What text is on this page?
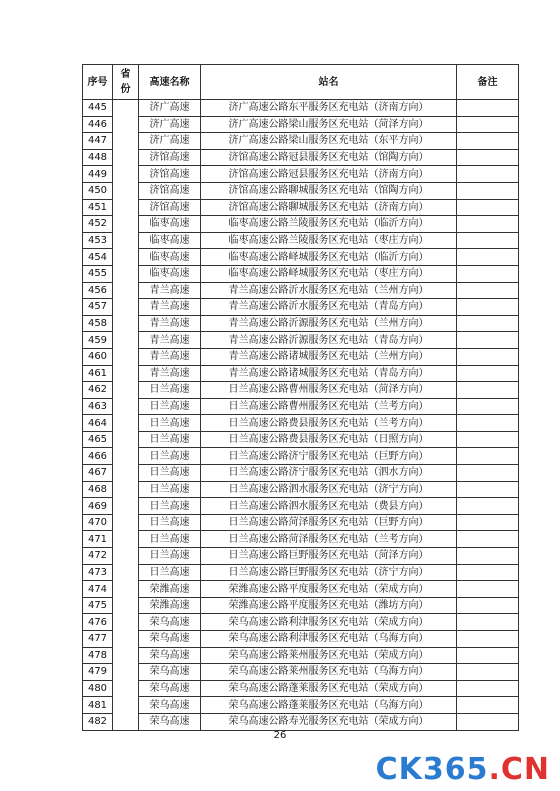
序号	省份	高速名称	站名	备注
445		济广高速	济广高速公路东平服务区充电站（济南方向）	
446		济广高速	济广高速公路梁山服务区充电站（菏泽方向）	
447		济广高速	济广高速公路梁山服务区充电站（东平方向）	
448		济馆高速	济馆高速公路冠县服务区充电站（馆陶方向）	
449		济馆高速	济馆高速公路冠县服务区充电站（济南方向）	
450		济馆高速	济馆高速公路聊城服务区充电站（馆陶方向）	
451		济馆高速	济馆高速公路聊城服务区充电站（济南方向）	
452		临枣高速	临枣高速公路兰陵服务区充电站（临沂方向）	
453		临枣高速	临枣高速公路兰陵服务区充电站（枣庄方向）	
454		临枣高速	临枣高速公路峄城服务区充电站（临沂方向）	
455		临枣高速	临枣高速公路峄城服务区充电站（枣庄方向）	
456		青兰高速	青兰高速公路沂水服务区充电站（兰州方向）	
457		青兰高速	青兰高速公路沂水服务区充电站（青岛方向）	
458		青兰高速	青兰高速公路沂源服务区充电站（兰州方向）	
459		青兰高速	青兰高速公路沂源服务区充电站（青岛方向）	
460		青兰高速	青兰高速公路诸城服务区充电站（兰州方向）	
461		青兰高速	青兰高速公路诸城服务区充电站（青岛方向）	
462		日兰高速	日兰高速公路曹州服务区充电站（菏泽方向）	
463		日兰高速	日兰高速公路曹州服务区充电站（兰考方向）	
464		日兰高速	日兰高速公路费县服务区充电站（兰考方向）	
465		日兰高速	日兰高速公路费县服务区充电站（日照方向）	
466		日兰高速	日兰高速公路济宁服务区充电站（巨野方向）	
467		日兰高速	日兰高速公路济宁服务区充电站（泗水方向）	
468		日兰高速	日兰高速公路泗水服务区充电站（济宁方向）	
469		日兰高速	日兰高速公路泗水服务区充电站（费县方向）	
470		日兰高速	日兰高速公路菏泽服务区充电站（巨野方向）	
471		日兰高速	日兰高速公路菏泽服务区充电站（兰考方向）	
472		日兰高速	日兰高速公路巨野服务区充电站（菏泽方向）	
473		日兰高速	日兰高速公路巨野服务区充电站（济宁方向）	
474		荣潍高速	荣潍高速公路平度服务区充电站（荣成方向）	
475		荣潍高速	荣潍高速公路平度服务区充电站（潍坊方向）	
476		荣乌高速	荣乌高速公路利津服务区充电站（荣成方向）	
477		荣乌高速	荣乌高速公路利津服务区充电站（乌海方向）	
478		荣乌高速	荣乌高速公路莱州服务区充电站（荣成方向）	
479		荣乌高速	荣乌高速公路莱州服务区充电站（乌海方向）	
480		荣乌高速	荣乌高速公路蓬莱服务区充电站（荣成方向）	
481		荣乌高速	荣乌高速公路蓬莱服务区充电站（乌海方向）	
482		荣乌高速	荣乌高速公路寿光服务区充电站（荣成方向）	
26
CK365.CN
